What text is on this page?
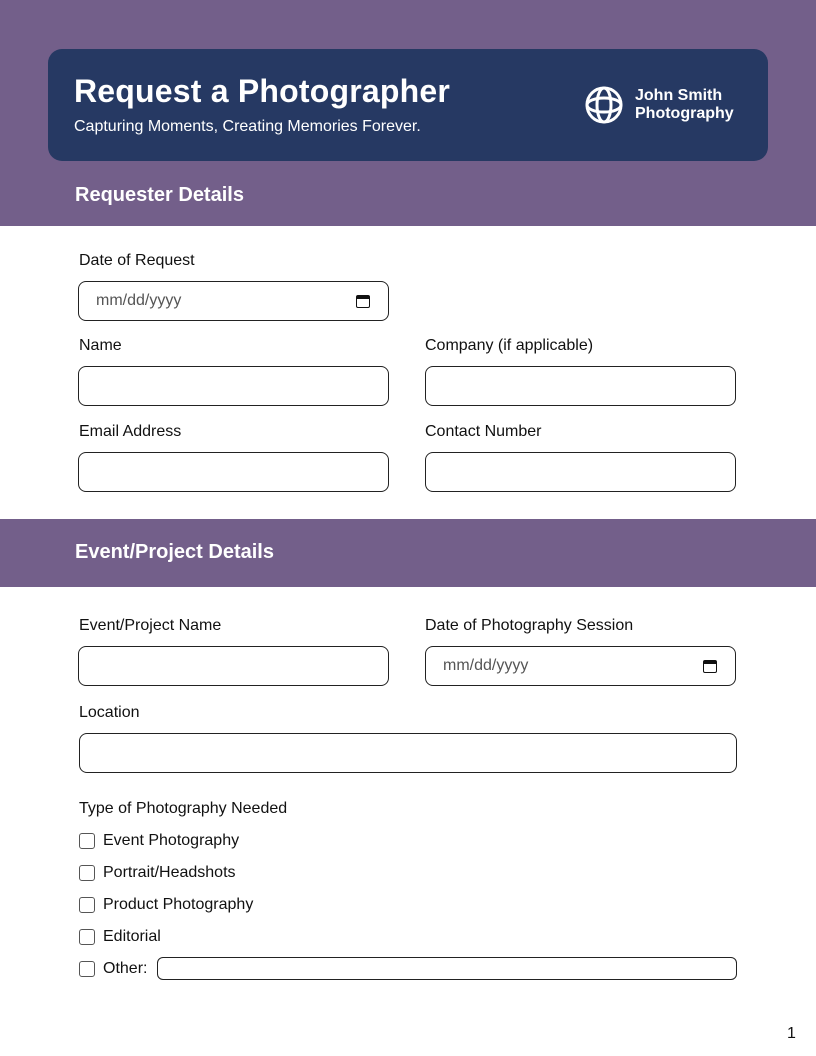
Request a Photographer
Capturing Moments, Creating Memories Forever.
John Smith
Photography
Requester Details
Date of Request
mm/dd/yyyy
Name	Company (if applicable)
Email Address	Contact Number
Event/Project Details
Event/Project Name	Date of Photography Session
mm/dd/yyyy
Location
Type of Photography Needed
Event Photography
Portrait/Headshots
Product Photography
Editorial
Other:
1
